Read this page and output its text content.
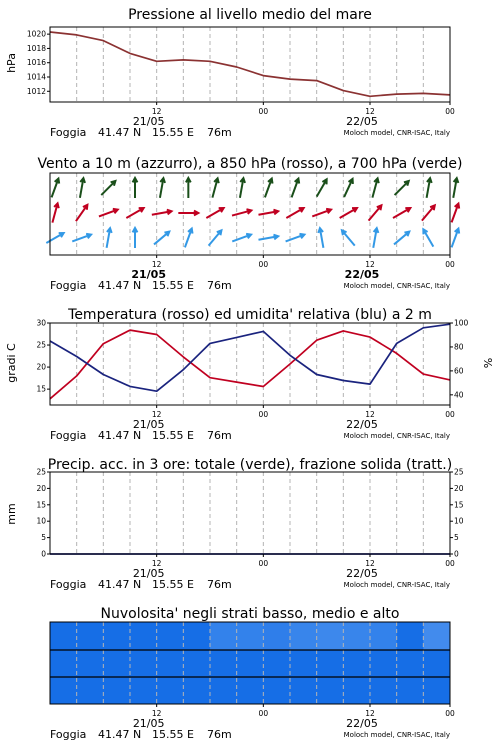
Pressione al livello medio del mare
1012
1014
1016
1018
1020
hPa
Vento a 10 m (azzurro), a 850 hPa (rosso), a 700 hPa (verde)
Temperatura (rosso) ed umidita' relativa (blu) a 2 m
15
20
25
30
40
60
80
100
gradi C	%
Precip. acc. in 3 ore: totale (verde), frazione solida (tratt.)
0
5
10
15
20
25
0
5
10
15
20
25
mm
Nuvolosita' negli strati basso, medio e alto
12	00	12	00
21/05	22/05
Foggia 41.47 N 15.55 E 76m	Moloch model, CNR-ISAC, Italy
12	00	12	00
21/05	22/05
Foggia 41.47 N 15.55 E 76m	Moloch model, CNR-ISAC, Italy
12	00	12	00
21/05	22/05
Foggia 41.47 N 15.55 E 76m	Moloch model, CNR-ISAC, Italy
12	00	12	00
21/05	22/05
Foggia 41.47 N 15.55 E 76m	Moloch model, CNR-ISAC, Italy
12	00	12	00
21/05	22/05
Foggia 41.47 N 15.55 E 76m	Moloch model, CNR-ISAC, Italy
